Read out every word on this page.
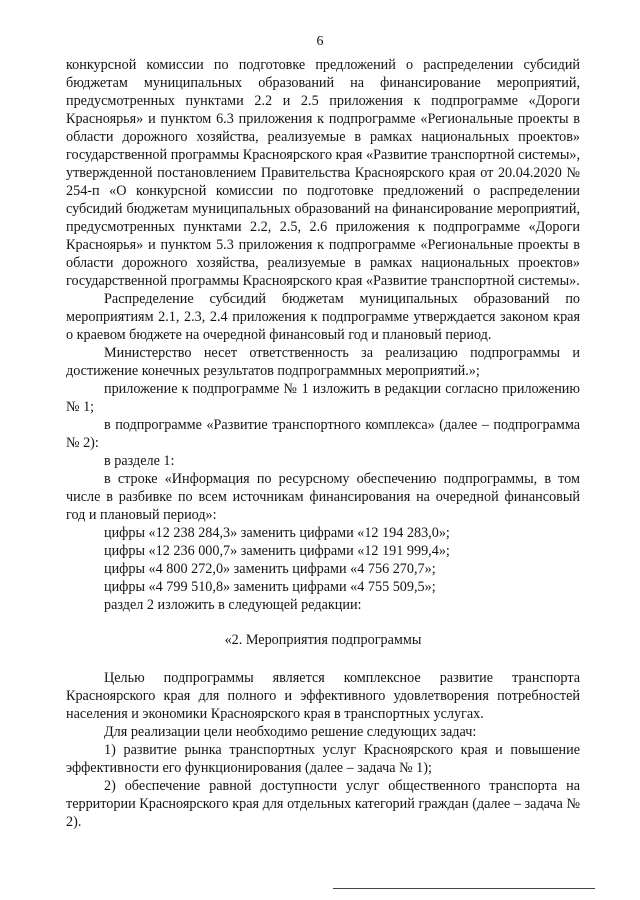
6

конкурсной комиссии по подготовке предложений о распределении субсидий бюджетам муниципальных образований на финансирование мероприятий, предусмотренных пунктами 2.2 и 2.5 приложения к подпрограмме «Дороги Красноярья» и пунктом 6.3 приложения к подпрограмме «Региональные проекты в области дорожного хозяйства, реализуемые в рамках национальных проектов» государственной программы Красноярского края «Развитие транспортной системы», утвержденной постановлением Правительства Красноярского края от 20.04.2020 № 254-п «О конкурсной комиссии по подготовке предложений о распределении субсидий бюджетам муниципальных образований на финансирование мероприятий, предусмотренных пунктами 2.2, 2.5, 2.6 приложения к подпрограмме «Дороги Красноярья» и пунктом 5.3 приложения к подпрограмме «Региональные проекты в области дорожного хозяйства, реализуемые в рамках национальных проектов» государственной программы Красноярского края «Развитие транспортной системы».

Распределение субсидий бюджетам муниципальных образований по мероприятиям 2.1, 2.3, 2.4 приложения к подпрограмме утверждается законом края о краевом бюджете на очередной финансовый год и плановый период.

Министерство несет ответственность за реализацию подпрограммы и достижение конечных результатов подпрограммных мероприятий.»;

приложение к подпрограмме № 1 изложить в редакции согласно приложению № 1;

в подпрограмме «Развитие транспортного комплекса» (далее – подпрограмма № 2):

в разделе 1:

в строке «Информация по ресурсному обеспечению подпрограммы, в том числе в разбивке по всем источникам финансирования на очередной финансовый год и плановый период»:

цифры «12 238 284,3» заменить цифрами «12 194 283,0»;

цифры «12 236 000,7» заменить цифрами «12 191 999,4»;

цифры «4 800 272,0» заменить цифрами «4 756 270,7»;

цифры «4 799 510,8» заменить цифрами «4 755 509,5»;

раздел 2 изложить в следующей редакции:

«2. Мероприятия подпрограммы

Целью подпрограммы является комплексное развитие транспорта Красноярского края для полного и эффективного удовлетворения потребностей населения и экономики Красноярского края в транспортных услугах.

Для реализации цели необходимо решение следующих задач:

1) развитие рынка транспортных услуг Красноярского края и повышение эффективности его функционирования (далее – задача № 1);

2) обеспечение равной доступности услуг общественного транспорта на территории Красноярского края для отдельных категорий граждан (далее – задача № 2).
